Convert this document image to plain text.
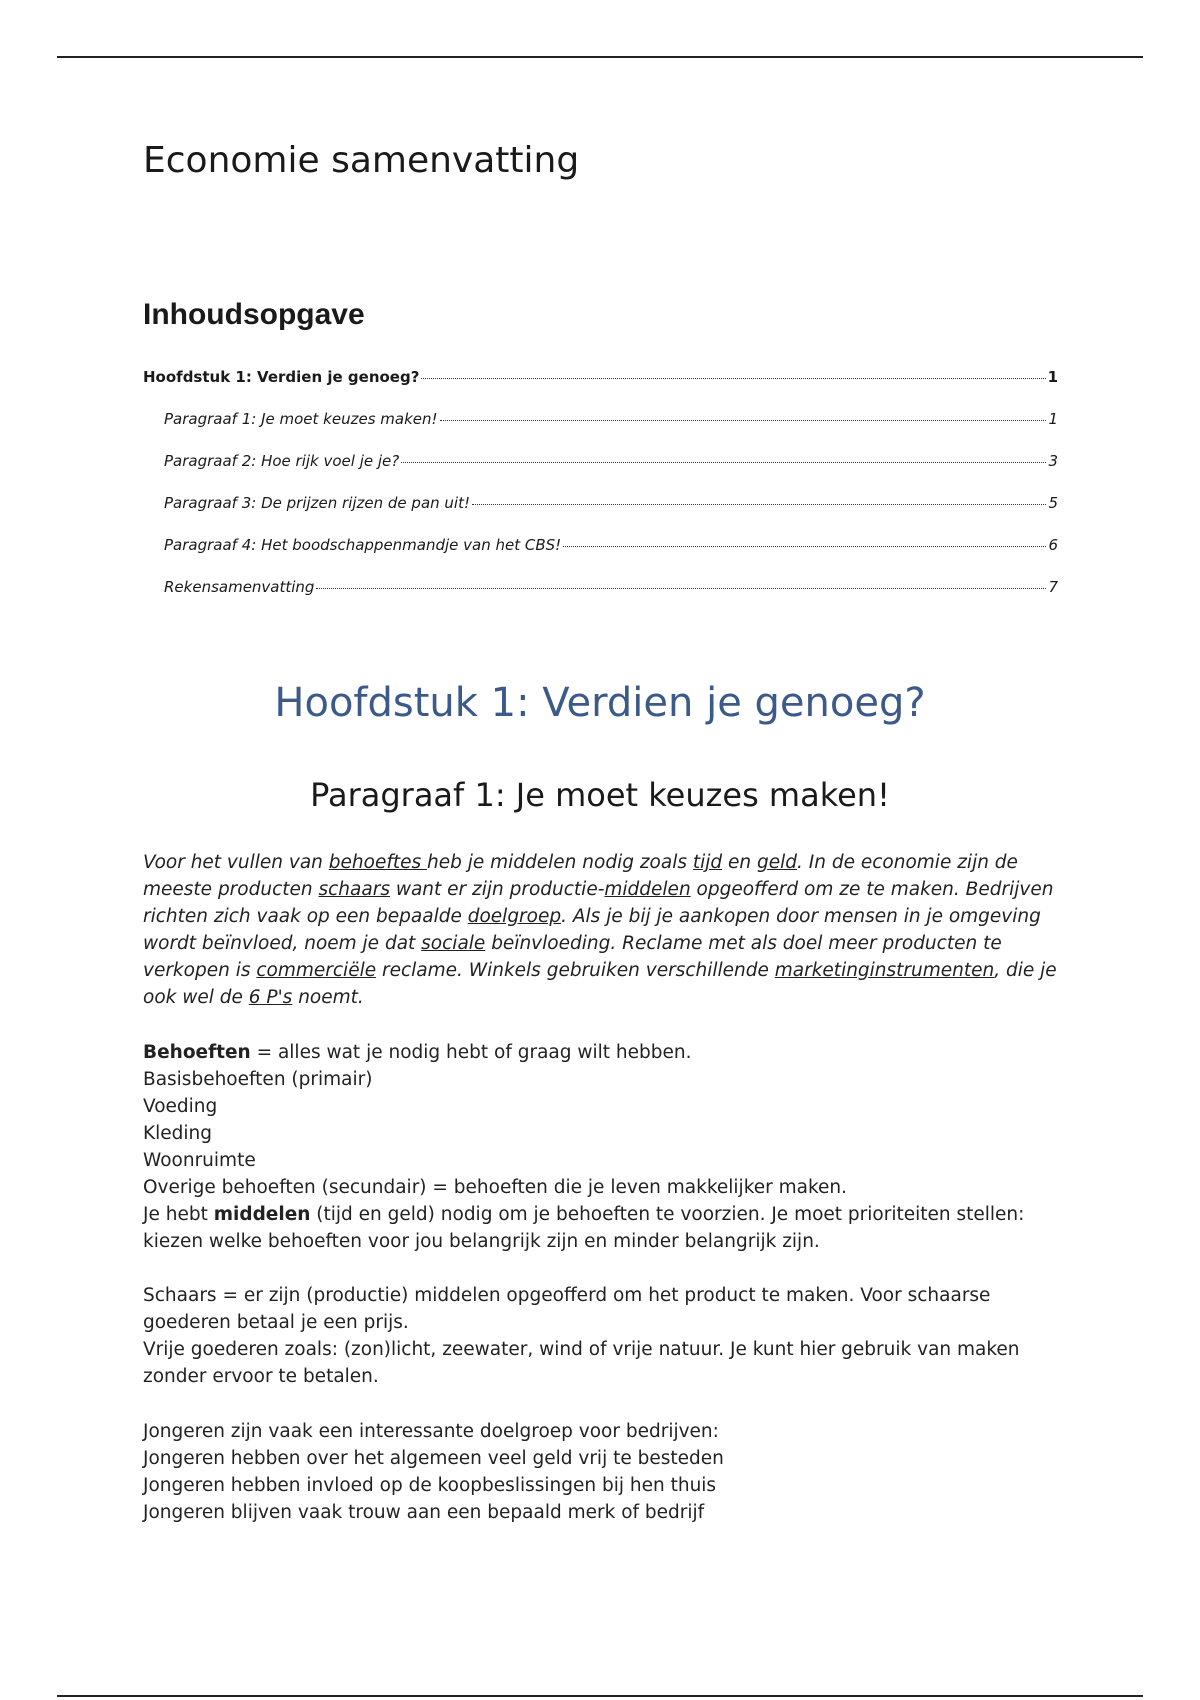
Economie samenvatting
Inhoudsopgave
Hoofdstuk 1: Verdien je genoeg?	1
Paragraaf 1: Je moet keuzes maken!	1
Paragraaf 2: Hoe rijk voel je je?	3
Paragraaf 3: De prijzen rijzen de pan uit!	5
Paragraaf 4: Het boodschappenmandje van het CBS!	6
Rekensamenvatting	7
Hoofdstuk 1: Verdien je genoeg?
Paragraaf 1: Je moet keuzes maken!

Voor het vullen van behoeftes heb je middelen nodig zoals tijd en geld. In de economie zijn de meeste producten schaars want er zijn productie-middelen opgeofferd om ze te maken. Bedrijven richten zich vaak op een bepaalde doelgroep. Als je bij je aankopen door mensen in je omgeving wordt beïnvloed, noem je dat sociale beïnvloeding. Reclame met als doel meer producten te verkopen is commerciële reclame. Winkels gebruiken verschillende marketinginstrumenten, die je ook wel de 6 P's noemt.

Behoeften = alles wat je nodig hebt of graag wilt hebben.

Basisbehoeften (primair)

Voeding

Kleding

Woonruimte

Overige behoeften (secundair) = behoeften die je leven makkelijker maken.

Je hebt middelen (tijd en geld) nodig om je behoeften te voorzien. Je moet prioriteiten stellen: kiezen welke behoeften voor jou belangrijk zijn en minder belangrijk zijn.

Schaars = er zijn (productie) middelen opgeofferd om het product te maken. Voor schaarse goederen betaal je een prijs.

Vrije goederen zoals: (zon)licht, zeewater, wind of vrije natuur. Je kunt hier gebruik van maken zonder ervoor te betalen.

Jongeren zijn vaak een interessante doelgroep voor bedrijven:

Jongeren hebben over het algemeen veel geld vrij te besteden

Jongeren hebben invloed op de koopbeslissingen bij hen thuis

Jongeren blijven vaak trouw aan een bepaald merk of bedrijf
